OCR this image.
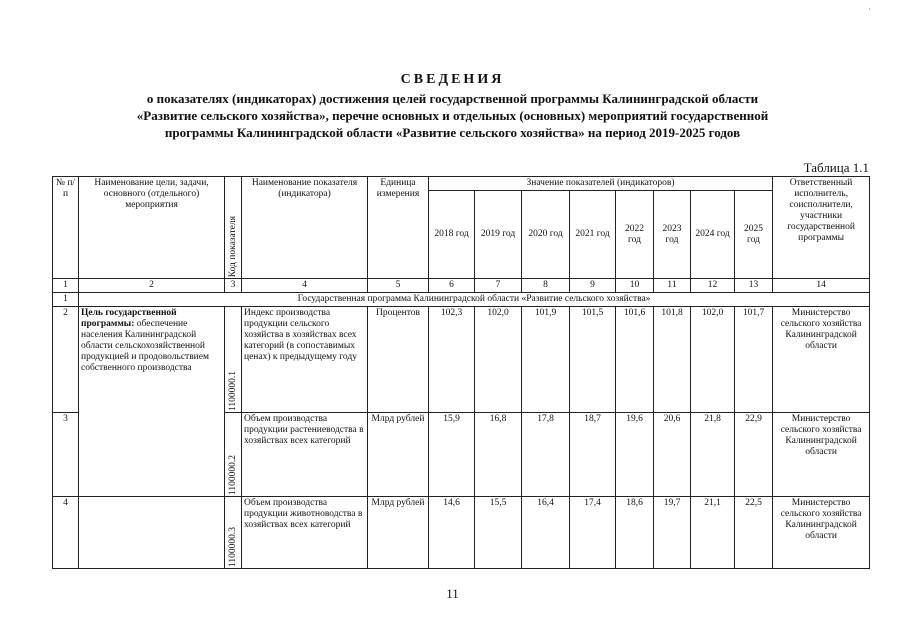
·
СВЕДЕНИЯ
о показателях (индикаторах) достижения целей государственной программы Калининградской области
«Развитие сельского хозяйства», перечне основных и отдельных (основных) мероприятий государственной
программы Калининградской области «Развитие сельского хозяйства» на период 2019-2025 годов
Таблица 1.1
№ п/п	Наименование цели, задачи, основного (отдельного) мероприятия	Код показателя	Наименование показателя (индикатора)	Единица измерения	Значение показателей (индикаторов)								Ответственный исполнитель, соисполнители, участники государственной программы
					2018 год	2019 год	2020 год	2021 год	2022 год	2023 год	2024 год	2025 год	
1	2	3	4	5	6	7	8	9	10	11	12	13	14
1	Государственная программа Калининградской области «Развитие сельского хозяйства»												
2	Цель государственной программы: обеспечение населения Калининградской области сельскохозяйственной продукцией и продовольствием собственного производства	1100000.1	Индекс производства продукции сельского хозяйства в хозяйствах всех категорий (в сопоставимых ценах) к предыдущему году	Процентов	102,3	102,0	101,9	101,5	101,6	101,8	102,0	101,7	Министерство сельского хозяйства Калининградской области
3		1100000.2	Объем производства продукции растениеводства в хозяйствах всех категорий	Млрд рублей	15,9	16,8	17,8	18,7	19,6	20,6	21,8	22,9	Министерство сельского хозяйства Калининградской области
4		1100000.3	Объем производства продукции животноводства в хозяйствах всех категорий	Млрд рублей	14,6	15,5	16,4	17,4	18,6	19,7	21,1	22,5	Министерство сельского хозяйства Калининградской области
11
